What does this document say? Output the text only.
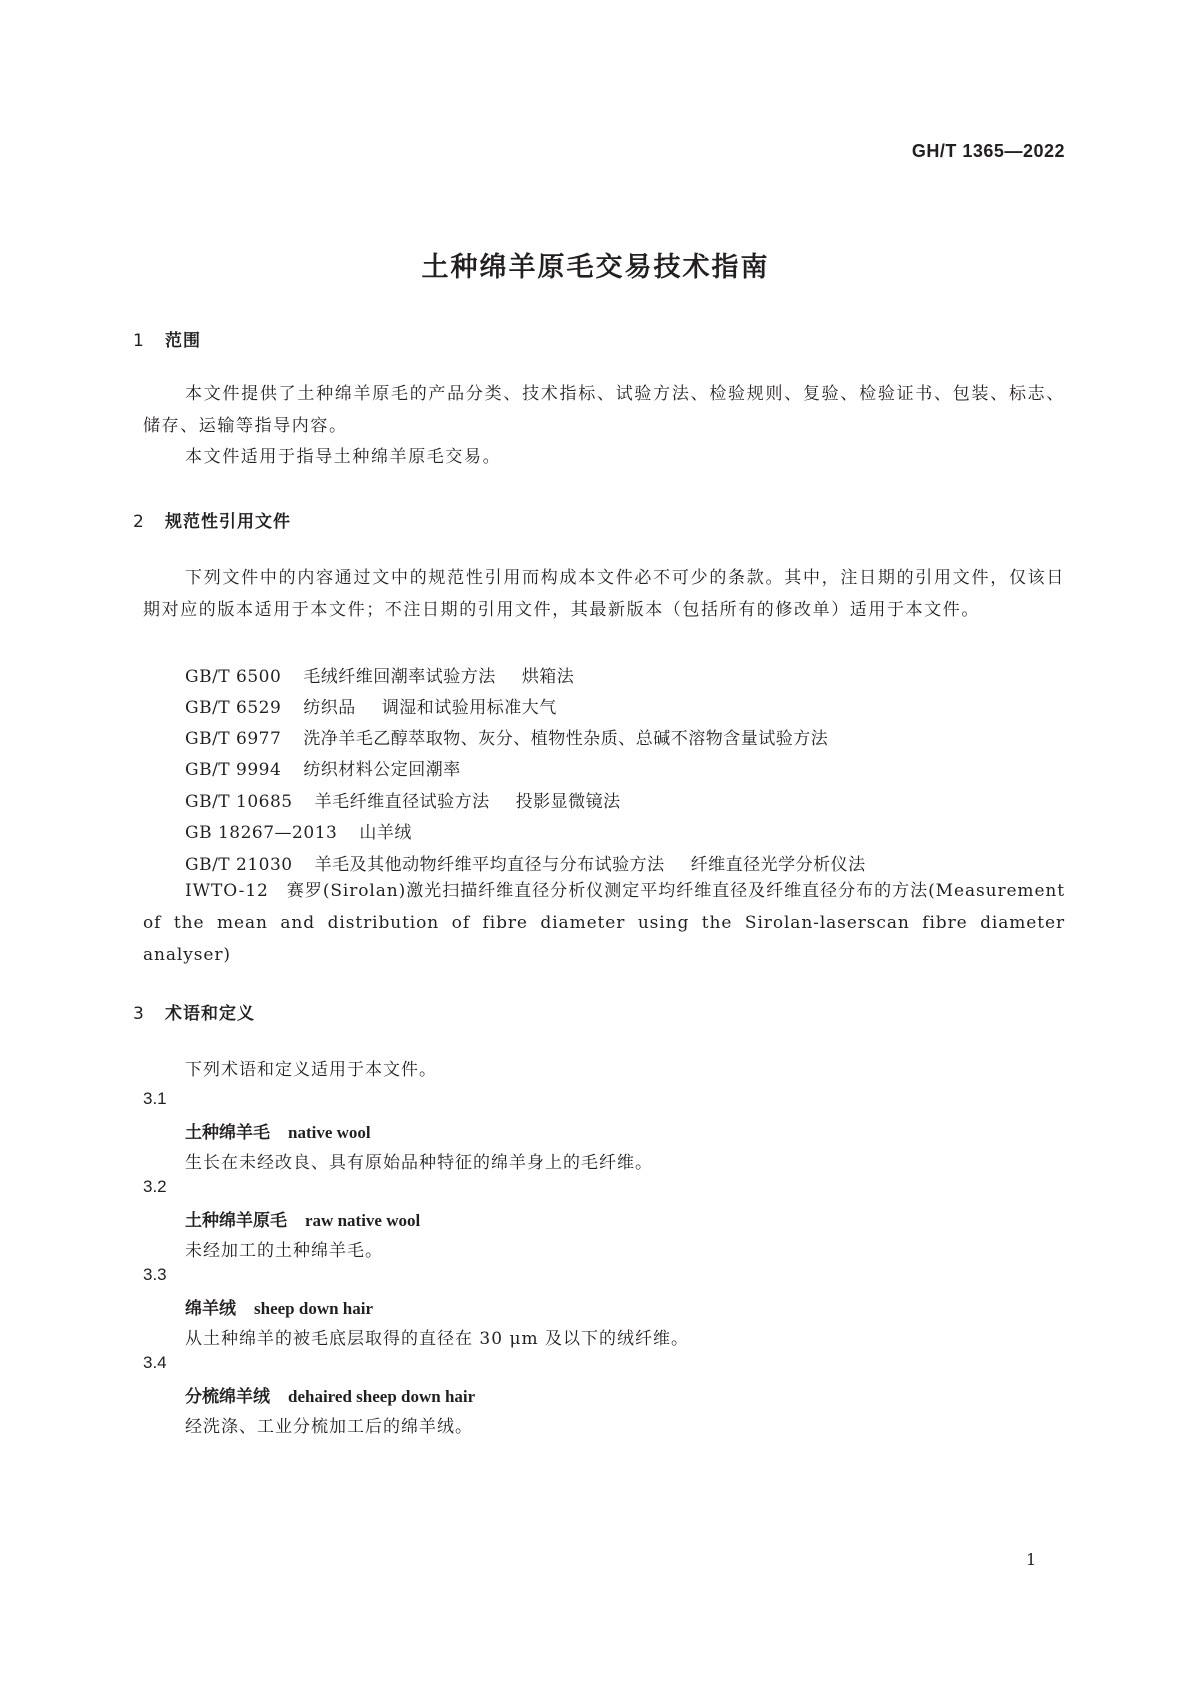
GH/T 1365—2022
土种绵羊原毛交易技术指南
1 范围
本文件提供了土种绵羊原毛的产品分类、技术指标、试验方法、检验规则、复验、检验证书、包装、标志、储存、运输等指导内容。
本文件适用于指导土种绵羊原毛交易。
2 规范性引用文件
下列文件中的内容通过文中的规范性引用而构成本文件必不可少的条款。其中，注日期的引用文件，仅该日期对应的版本适用于本文件；不注日期的引用文件，其最新版本（包括所有的修改单）适用于本文件。
GB/T 6500 毛绒纤维回潮率试验方法 烘箱法
GB/T 6529 纺织品 调湿和试验用标准大气
GB/T 6977 洗净羊毛乙醇萃取物、灰分、植物性杂质、总碱不溶物含量试验方法
GB/T 9994 纺织材料公定回潮率
GB/T 10685 羊毛纤维直径试验方法 投影显微镜法
GB 18267—2013 山羊绒
GB/T 21030 羊毛及其他动物纤维平均直径与分布试验方法 纤维直径光学分析仪法
IWTO-12　赛罗(Sirolan)激光扫描纤维直径分析仪测定平均纤维直径及纤维直径分布的方法(Measurement of the mean and distribution of fibre diameter using the Sirolan-laserscan fibre diameter analyser)
3 术语和定义
下列术语和定义适用于本文件。
3.1
土种绵羊毛 native wool
生长在未经改良、具有原始品种特征的绵羊身上的毛纤维。
3.2
土种绵羊原毛 raw native wool
未经加工的土种绵羊毛。
3.3
绵羊绒 sheep down hair
从土种绵羊的被毛底层取得的直径在 30 μm 及以下的绒纤维。
3.4
分梳绵羊绒 dehaired sheep down hair
经洗涤、工业分梳加工后的绵羊绒。
1
